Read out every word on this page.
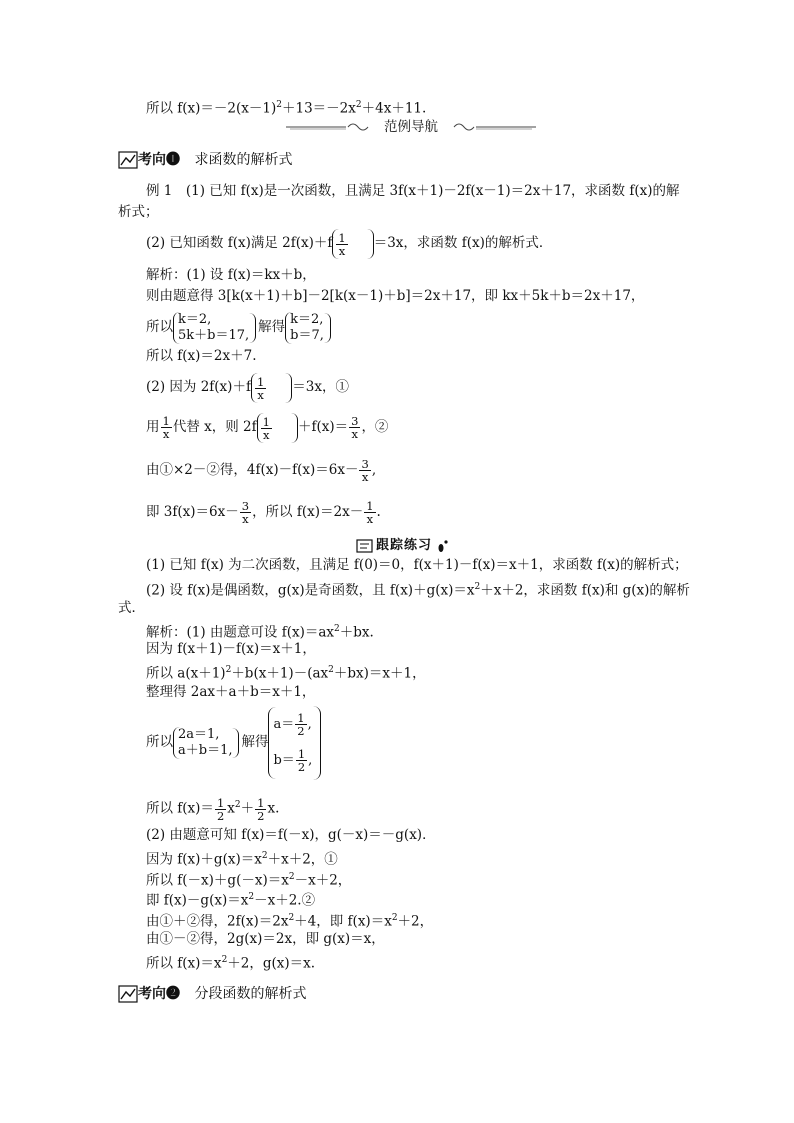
所以 $f(x)=-2(x-1)^2+13=-2x^2+4x+11$.
范例导航
考向❶ 求函数的解析式
例 1　(1) 已知 f(x)是一次函数，且满足 3f(x＋1)－2f(x－1)＝2x＋17，求函数 f(x)的解
析式；
(2) 已知函数 f(x)满足 $2f(x)+f \frac{1}{x} =3x$，求函数 f(x)的解析式．
解析：(1) 设 f(x)＝kx＋b，
则由题意得 3[k(x＋1)＋b]－2[k(x－1)＋b]＝2x＋17，即 kx＋5k＋b＝2x＋17，
所以 k＝2,
5k＋b＝17, 解得 k＝2,
b＝7,
所以 f(x)＝2x＋7.
(2) 因为 $2f(x)+f \frac{1}{x} =3x$，①
用 $\frac{1}{x}$ 代替 x，则 $2f \frac{1}{x} +f(x)= \frac{3}{x}$ ，②
由①×2－②得，$4f(x)-f(x)=6x- \frac{3}{x}$ ,
即 $3f(x)=6x- \frac{3}{x}$ ，所以 $f(x)=2x- \frac{1}{x}$ .
跟踪练习
(1) 已知 f(x) 为二次函数，且满足 f(0)＝0，f(x＋1)－f(x)＝x＋1，求函数 f(x)的解析式；
(2) 设 f(x)是偶函数，g(x)是奇函数，且 $f(x)+g(x)=x^2+x+2$，求函数 f(x)和 g(x)的解析
式．
解析：(1) 由题意可设 $f(x)=ax^2+bx$.
因为 f(x＋1)－f(x)＝x＋1，
所以 $a(x+1)^2+b(x+1)-(ax^2+bx)=x+1$，
整理得 2ax＋a＋b＝x＋1，
所以 2a＝1,
a＋b＝1, 解得
$a= \frac{1}{2}$ ,
$b= \frac{1}{2}$ ,
所以 $f(x)= \frac{1}{2} x^2+ \frac{1}{2} x$.
(2) 由题意可知 f(x)＝f(－x)，g(－x)＝－g(x)．
因为 $f(x)+g(x)=x^2+x+2$，①
所以 $f(-x)+g(-x)=x^2-x+2$，
即 $f(x)-g(x)=x^2-x+2.②$
由①＋②得，$2f(x)=2x^2+4$，即 $f(x)=x^2+2$，
由①－②得，2g(x)＝2x，即 g(x)＝x，
所以 $f(x)=x^2+2$，g(x)＝x.
考向❷ 分段函数的解析式
